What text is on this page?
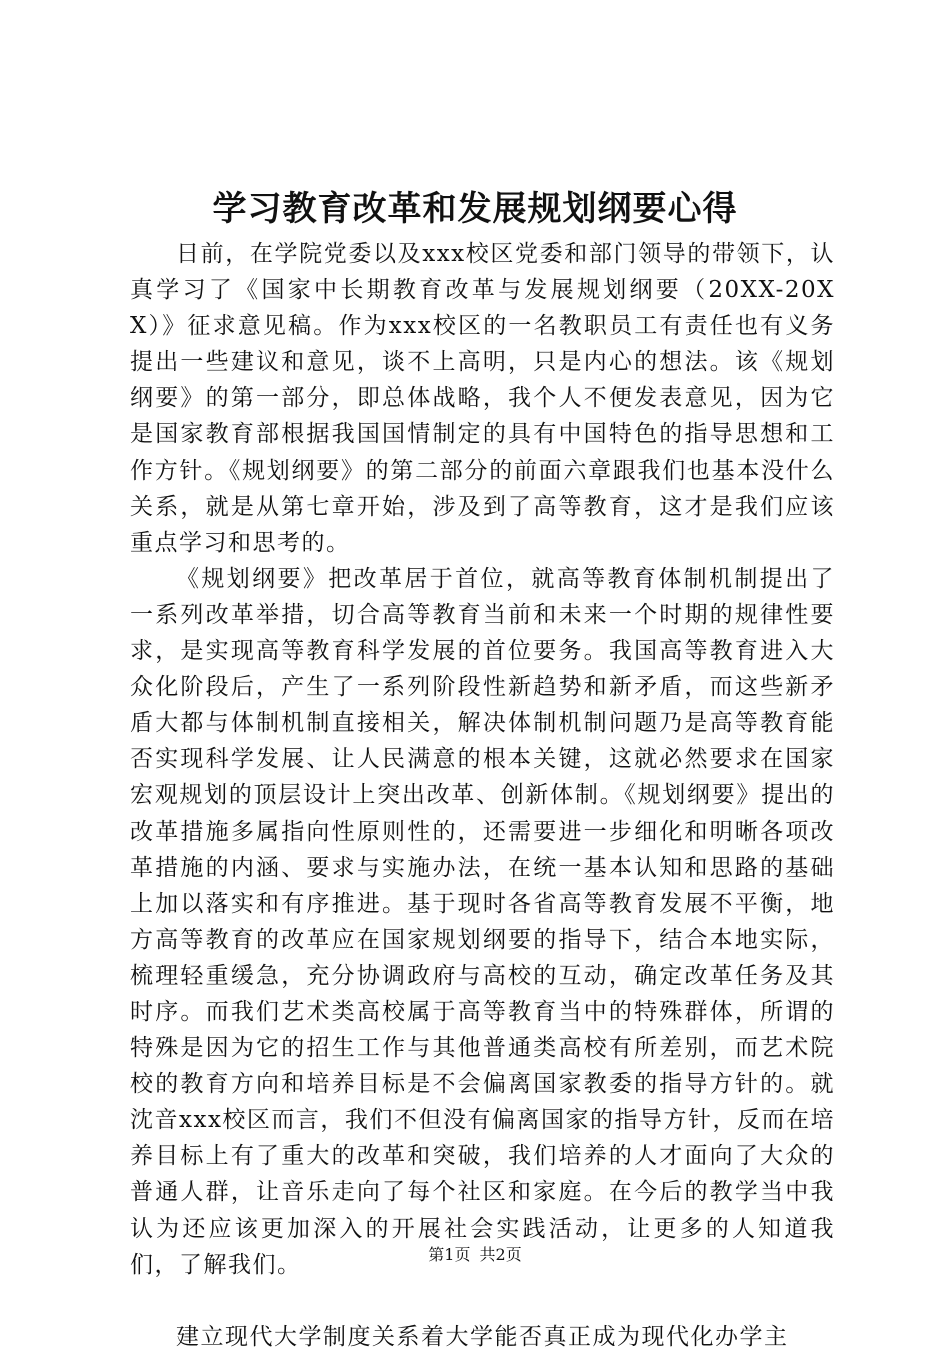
学习教育改革和发展规划纲要心得

日前，在学院党委以及xxx校区党委和部门领导的带领下，认真学习了《国家中长期教育改革与发展规划纲要（20XX-20XX）》征求意见稿。作为xxx校区的一名教职员工有责任也有义务提出一些建议和意见，谈不上高明，只是内心的想法。该《规划纲要》的第一部分，即总体战略，我个人不便发表意见，因为它是国家教育部根据我国国情制定的具有中国特色的指导思想和工作方针。《规划纲要》的第二部分的前面六章跟我们也基本没什么关系，就是从第七章开始，涉及到了高等教育，这才是我们应该重点学习和思考的。

《规划纲要》把改革居于首位，就高等教育体制机制提出了一系列改革举措，切合高等教育当前和未来一个时期的规律性要求，是实现高等教育科学发展的首位要务。我国高等教育进入大众化阶段后，产生了一系列阶段性新趋势和新矛盾，而这些新矛盾大都与体制机制直接相关，解决体制机制问题乃是高等教育能否实现科学发展、让人民满意的根本关键，这就必然要求在国家宏观规划的顶层设计上突出改革、创新体制。《规划纲要》提出的改革措施多属指向性原则性的，还需要进一步细化和明晰各项改革措施的内涵、要求与实施办法，在统一基本认知和思路的基础上加以落实和有序推进。基于现时各省高等教育发展不平衡，地方高等教育的改革应在国家规划纲要的指导下，结合本地实际，梳理轻重缓急，充分协调政府与高校的互动，确定改革任务及其时序。而我们艺术类高校属于高等教育当中的特殊群体，所谓的特殊是因为它的招生工作与其他普通类高校有所差别，而艺术院校的教育方向和培养目标是不会偏离国家教委的指导方针的。就沈音xxx校区而言，我们不但没有偏离国家的指导方针，反而在培养目标上有了重大的改革和突破，我们培养的人才面向了大众的普通人群，让音乐走向了每个社区和家庭。在今后的教学当中我认为还应该更加深入的开展社会实践活动，让更多的人知道我们，了解我们。

建立现代大学制度关系着大学能否真正成为现代化办学主

第1页 共2页
